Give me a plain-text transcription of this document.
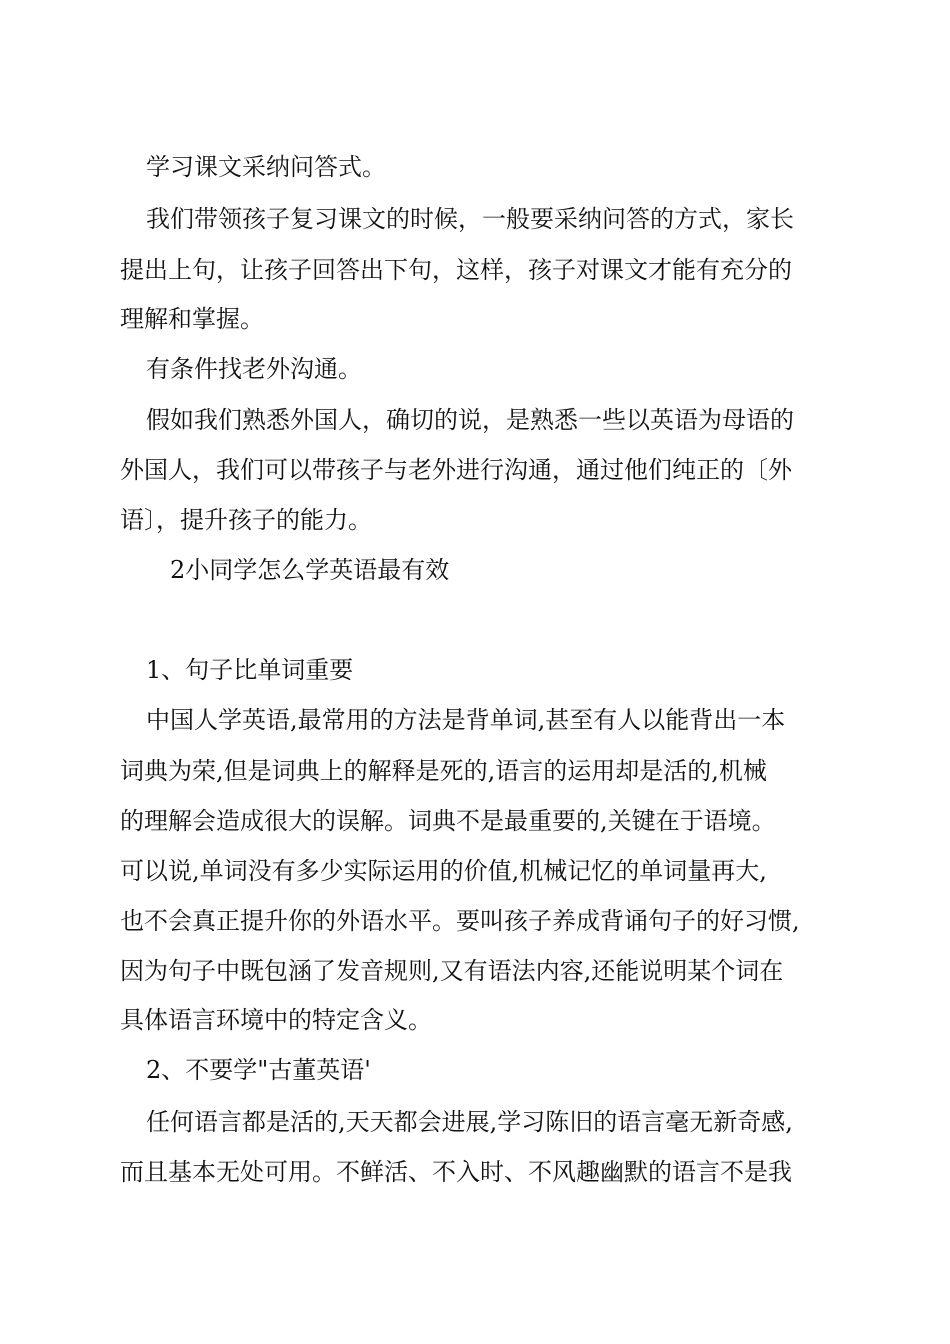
学习课文采纳问答式。
我们带领孩子复习课文的时候，一般要采纳问答的方式，家长
提出上句，让孩子回答出下句，这样，孩子对课文才能有充分的
理解和掌握。
有条件找老外沟通。
假如我们熟悉外国人，确切的说，是熟悉一些以英语为母语的
外国人，我们可以带孩子与老外进行沟通，通过他们纯正的〔外
语〕，提升孩子的能力。
2小同学怎么学英语最有效
1、句子比单词重要
中国人学英语,最常用的方法是背单词,甚至有人以能背出一本
词典为荣,但是词典上的解释是死的,语言的运用却是活的,机械
的理解会造成很大的误解。词典不是最重要的,关键在于语境。
可以说,单词没有多少实际运用的价值,机械记忆的单词量再大,
也不会真正提升你的外语水平。要叫孩子养成背诵句子的好习惯,
因为句子中既包涵了发音规则,又有语法内容,还能说明某个词在
具体语言环境中的特定含义。
2、不要学"古董英语'
任何语言都是活的,天天都会进展,学习陈旧的语言毫无新奇感,
而且基本无处可用。不鲜活、不入时、不风趣幽默的语言不是我
